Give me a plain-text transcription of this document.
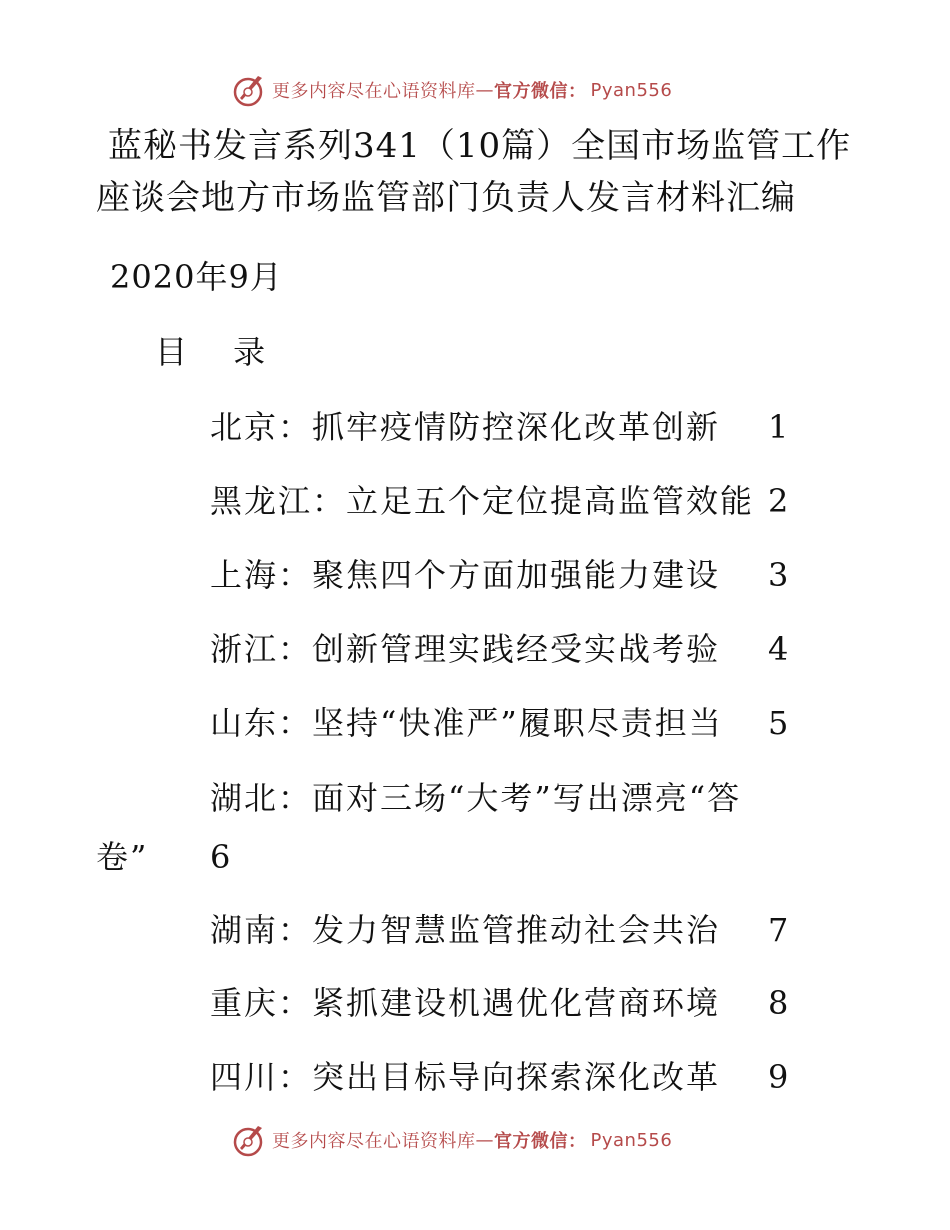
更多内容尽在心语资料库 — 官方微信： Pyan556
蓝秘书发言系列341（10篇）全国市场监管工作座谈会地方市场监管部门负责人发言材料汇编
2020年9月
目 录
北京：抓牢疫情防控深化改革创新 1
黑龙江：立足五个定位提高监管效能 2
上海：聚焦四个方面加强能力建设 3
浙江：创新管理实践经受实战考验 4
山东：坚持“快准严”履职尽责担当 5
湖北：面对三场“大考”写出漂亮“答
卷” 6
湖南：发力智慧监管推动社会共治 7
重庆：紧抓建设机遇优化营商环境 8
四川：突出目标导向探索深化改革 9
更多内容尽在心语资料库 — 官方微信： Pyan556
